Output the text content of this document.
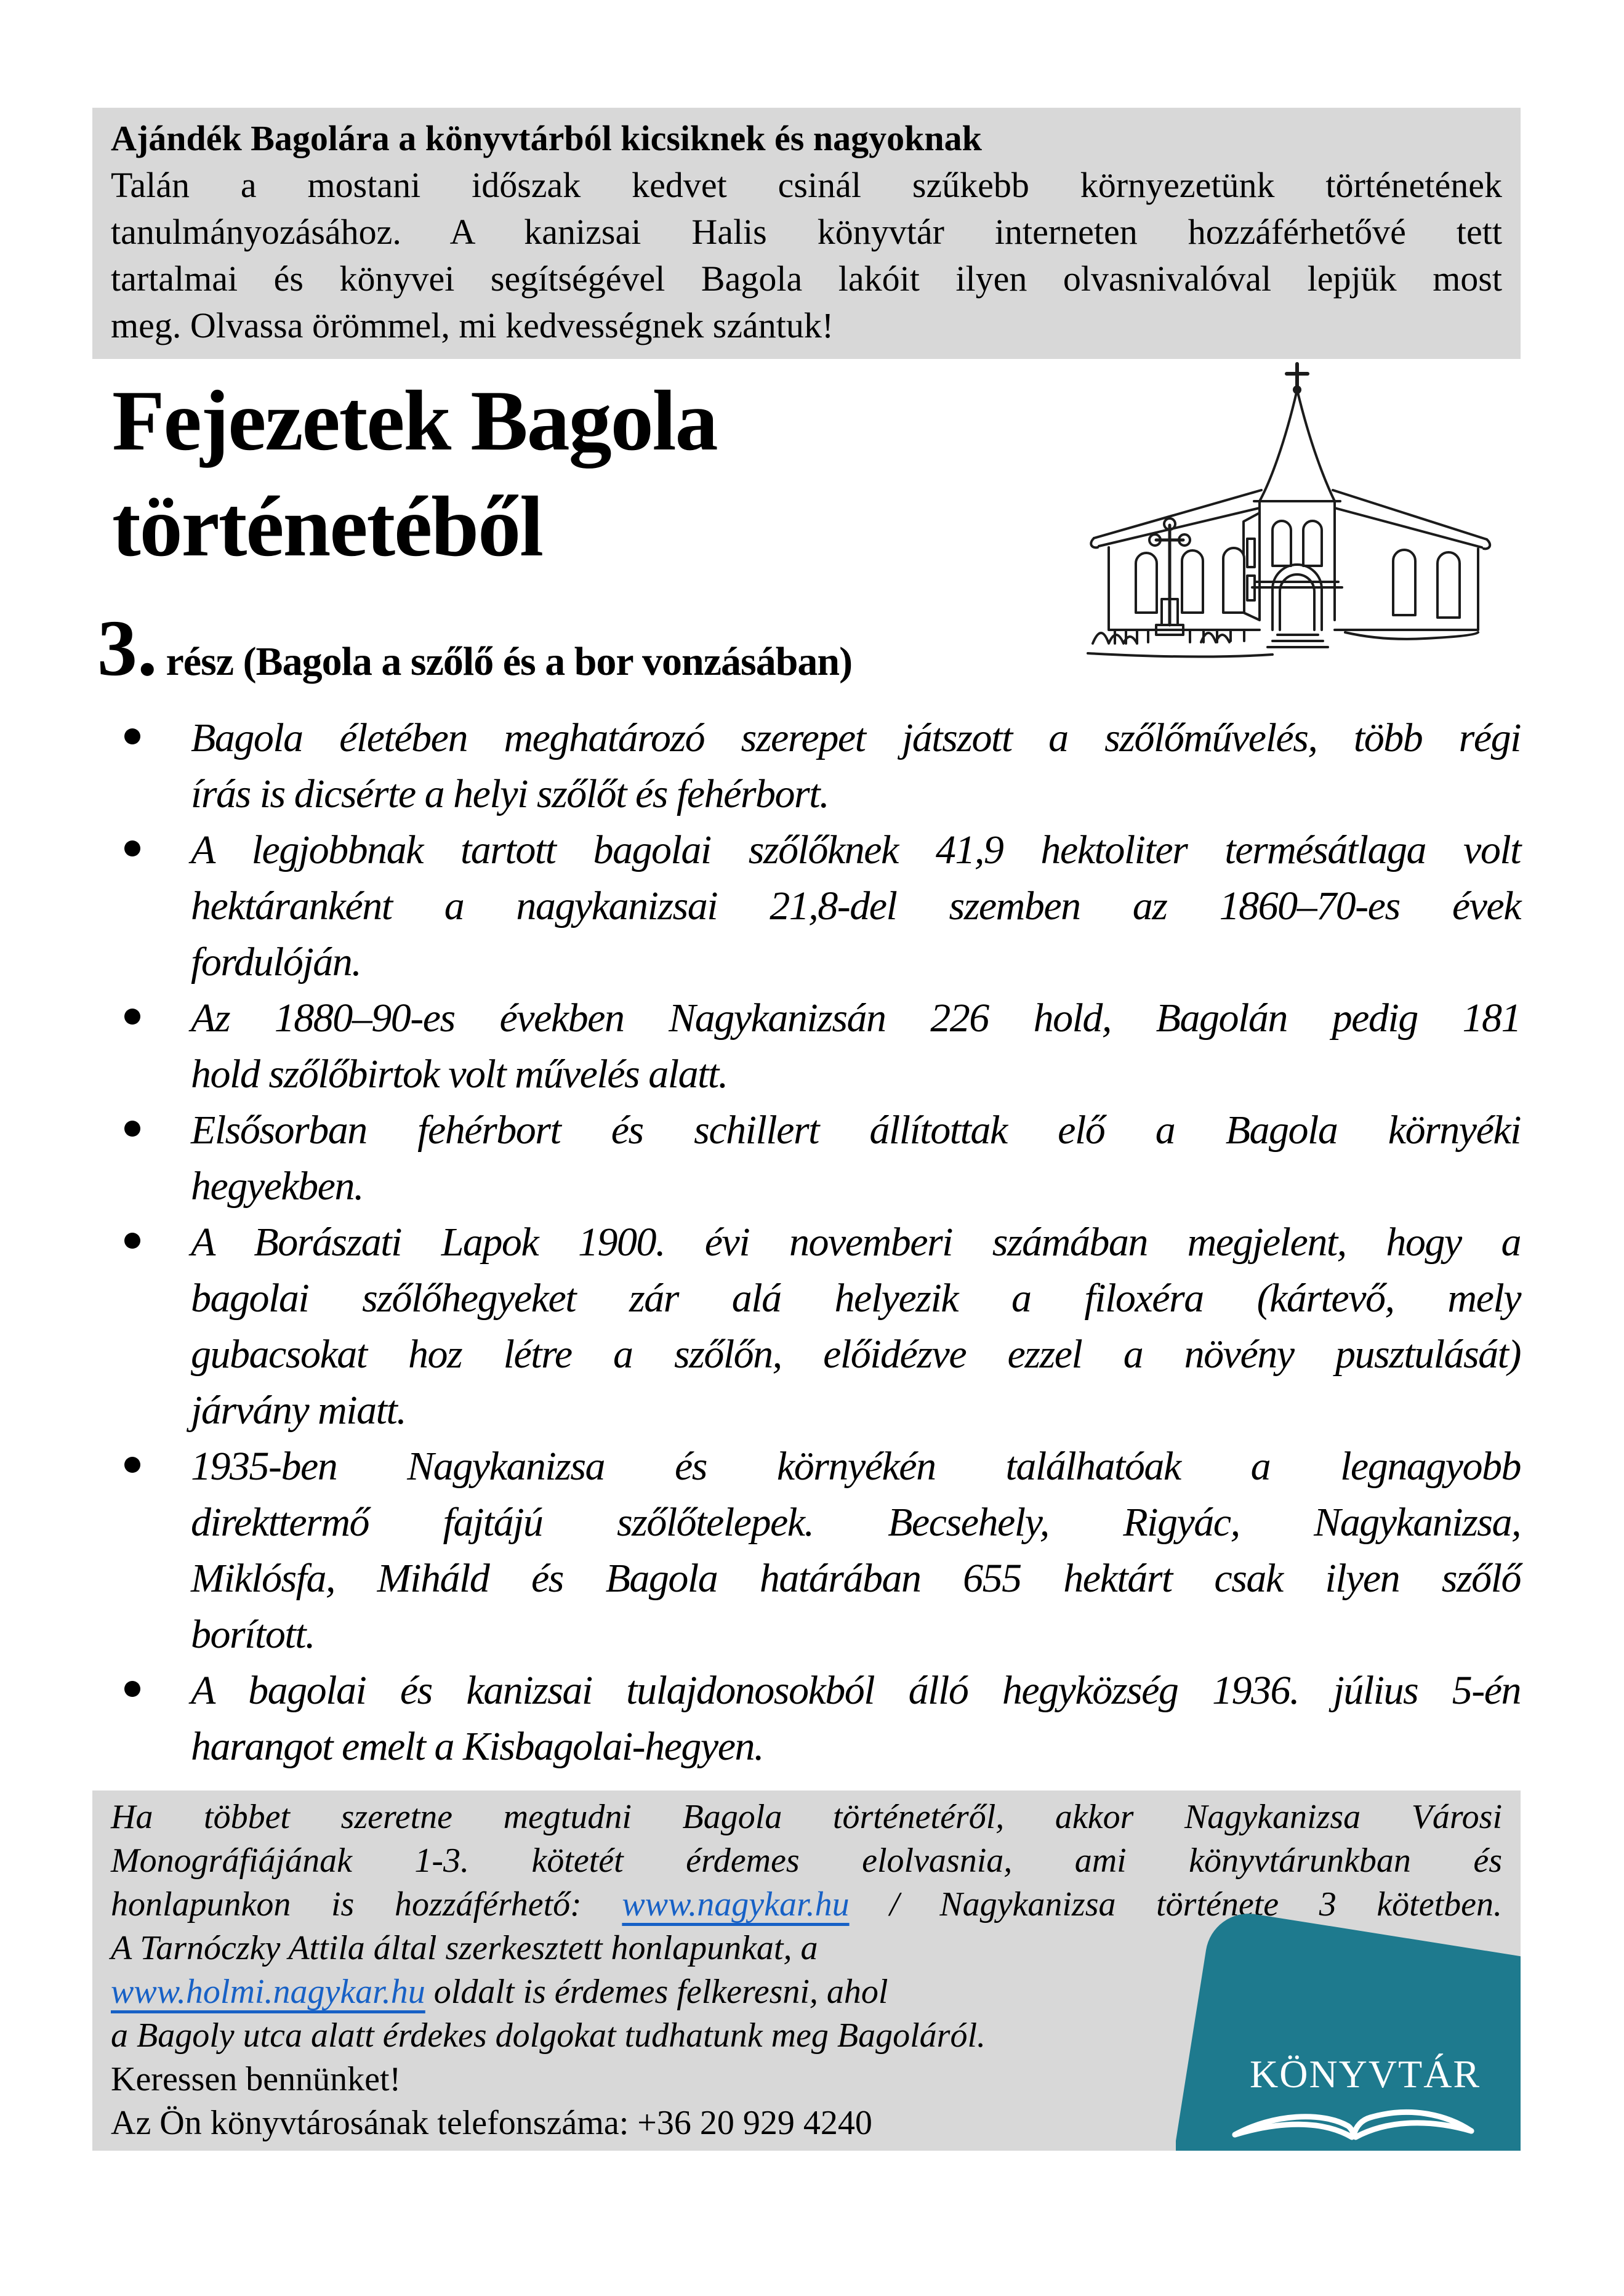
Ajándék Bagolára a könyvtárból kicsiknek és nagyoknak
Talán a mostani időszak kedvet csinál szűkebb környezetünk történetének
tanulmányozásához. A kanizsai Halis könyvtár interneten hozzáférhetővé tett
tartalmai és könyvei segítségével Bagola lakóit ilyen olvasnivalóval lepjük most
meg. Olvassa örömmel, mi kedvességnek szántuk!
Fejezetek Bagola
történetéből
3. rész (Bagola a szőlő és a bor vonzásában)
Bagola életében meghatározó szerepet játszott a szőlőművelés, több régi
írás is dicsérte a helyi szőlőt és fehérbort.
A legjobbnak tartott bagolai szőlőknek 41,9 hektoliter termésátlaga volt
hektáranként a nagykanizsai 21,8-del szemben az 1860–70-es évek
fordulóján.
Az 1880–90-es években Nagykanizsán 226 hold, Bagolán pedig 181
hold szőlőbirtok volt művelés alatt.
Elsősorban fehérbort és schillert állítottak elő a Bagola környéki
hegyekben.
A Borászati Lapok 1900. évi novemberi számában megjelent, hogy a
bagolai szőlőhegyeket zár alá helyezik a filoxéra (kártevő, mely
gubacsokat hoz létre a szőlőn, előidézve ezzel a növény pusztulását)
járvány miatt.
1935-ben Nagykanizsa és környékén találhatóak a legnagyobb
direkttermő fajtájú szőlőtelepek. Becsehely, Rigyác, Nagykanizsa,
Miklósfa, Miháld és Bagola határában 655 hektárt csak ilyen szőlő
borított.
A bagolai és kanizsai tulajdonosokból álló hegyközség 1936. július 5-én
harangot emelt a Kisbagolai-hegyen.
Ha többet szeretne megtudni Bagola történetéről, akkor Nagykanizsa Városi
Monográfiájának 1-3. kötetét érdemes elolvasnia, ami könyvtárunkban és
honlapunkon is hozzáférhető: www.nagykar.hu / Nagykanizsa története 3 kötetben.
A Tarnóczky Attila által szerkesztett honlapunkat, a
www.holmi.nagykar.hu oldalt is érdemes felkeresni, ahol
a Bagoly utca alatt érdekes dolgokat tudhatunk meg Bagoláról.
Keressen bennünket!
Az Ön könyvtárosának telefonszáma: +36 20 929 4240
KÖNYVTÁR
